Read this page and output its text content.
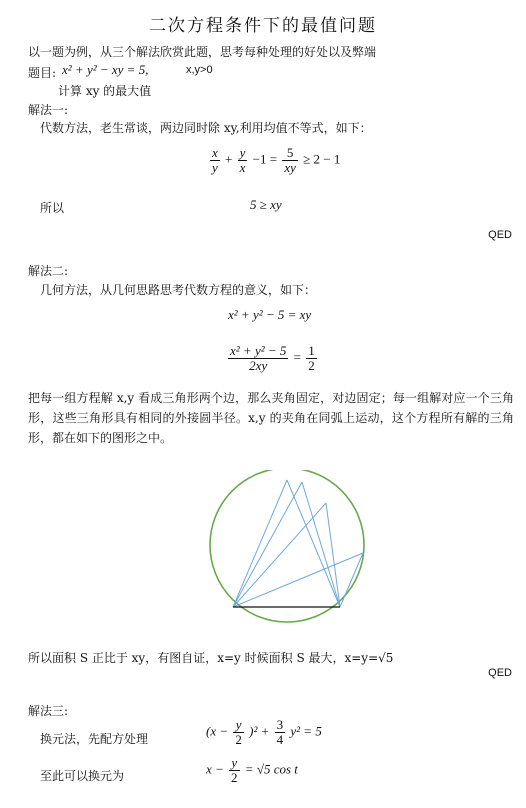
二次方程条件下的最值问题
以一题为例，从三个解法欣赏此题，思考每种处理的好处以及弊端
题目: x² + y² − xy = 5,	x,y>0
计算 xy 的最大值
解法一:
代数方法，老生常谈，两边同时除 xy,利用均值不等式，如下：
$\frac{x}{y} + \frac{y}{x} -1 = \frac{5}{xy} \ge 2 - 1$
所以	5 ≥ xy
QED
解法二:
几何方法，从几何思路思考代数方程的意义，如下：
x² + y² − 5 = xy
$\frac{\text{x² + y² − 5}}{2xy} = \frac{1}{2}$
把每一组方程解 x,y 看成三角形两个边，那么夹角固定，对边固定；每一组解对应一个三角形，这些三角形具有相同的外接圆半径。x,y 的夹角在同弧上运动，这个方程所有解的三角形，都在如下的图形之中。
所以面积 S 正比于 xy，有图自证，x=y 时候面积 S 最大，x=y=√5
QED
解法三:
换元法，先配方处理
$(x - \frac{y}{2} )^2 + \frac{3}{4} y^2 = 5$
至此可以换元为	$x - \frac{y}{2} = √5$ cos t
